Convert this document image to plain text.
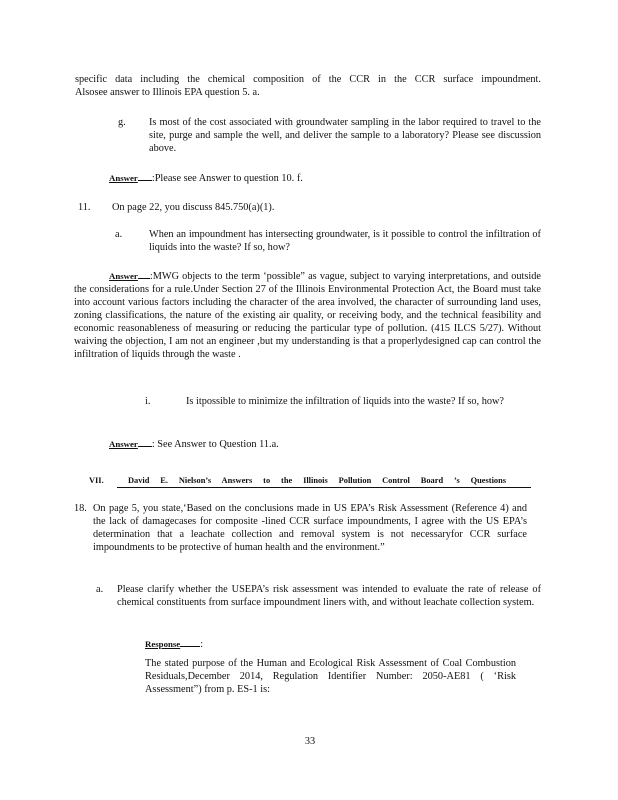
specific data including the chemical composition of the CCR in the CCR surface impoundment.
Alsosee answer to Illinois EPA question 5. a.
g. Is most of the cost associated with groundwater sampling in the labor required to travel to the site, purge and sample the well, and deliver the sample to a laboratory? Please see discussion above.
Answer :Please see Answer to question 10. f.
11. On page 22, you discuss 845.750(a)(1).
a.	When an impoundment has intersecting groundwater, is it possible to control the infiltration of liquids into the waste? If so, how?
Answer :MWG objects to the term ‘possible” as vague, subject to varying interpretations, and outside the considerations for a rule.Under Section 27 of the Illinois Environmental Protection Act, the Board must take into account various factors including the character of the area involved, the character of surrounding land uses, zoning classifications, the nature of the existing air quality, or receiving body, and the technical feasibility and economic reasonableness of measuring or reducing the particular type of pollution. (415 ILCS 5/27). Without waiving the objection, I am not an engineer ,but my understanding is that a properlydesigned cap can control the infiltration of liquids through the waste .
i.	Is itpossible to minimize the infiltration of liquids into the waste? If so, how?
Answer : See Answer to Question 11.a.
VII.	David E. Nielson’s Answers to the Illinois Pollution Control Board ’s Questions
18. On page 5, you state,‘Based on the conclusions made in US EPA’s Risk Assessment (Reference 4) and the lack of damagecases for composite -lined CCR surface impoundments, I agree with the US EPA’s determination that a leachate collection and removal system is not necessaryfor CCR surface impoundments to be protective of human health and the environment.”
a. Please clarify whether the USEPA’s risk assessment was intended to evaluate the rate of release of chemical constituents from surface impoundment liners with, and without leachate collection system.
Response :
The stated purpose of the Human and Ecological Risk Assessment of Coal Combustion Residuals,December 2014, Regulation Identifier Number: 2050-AE81 ( ‘Risk Assessment”) from p. ES-1 is:
33
